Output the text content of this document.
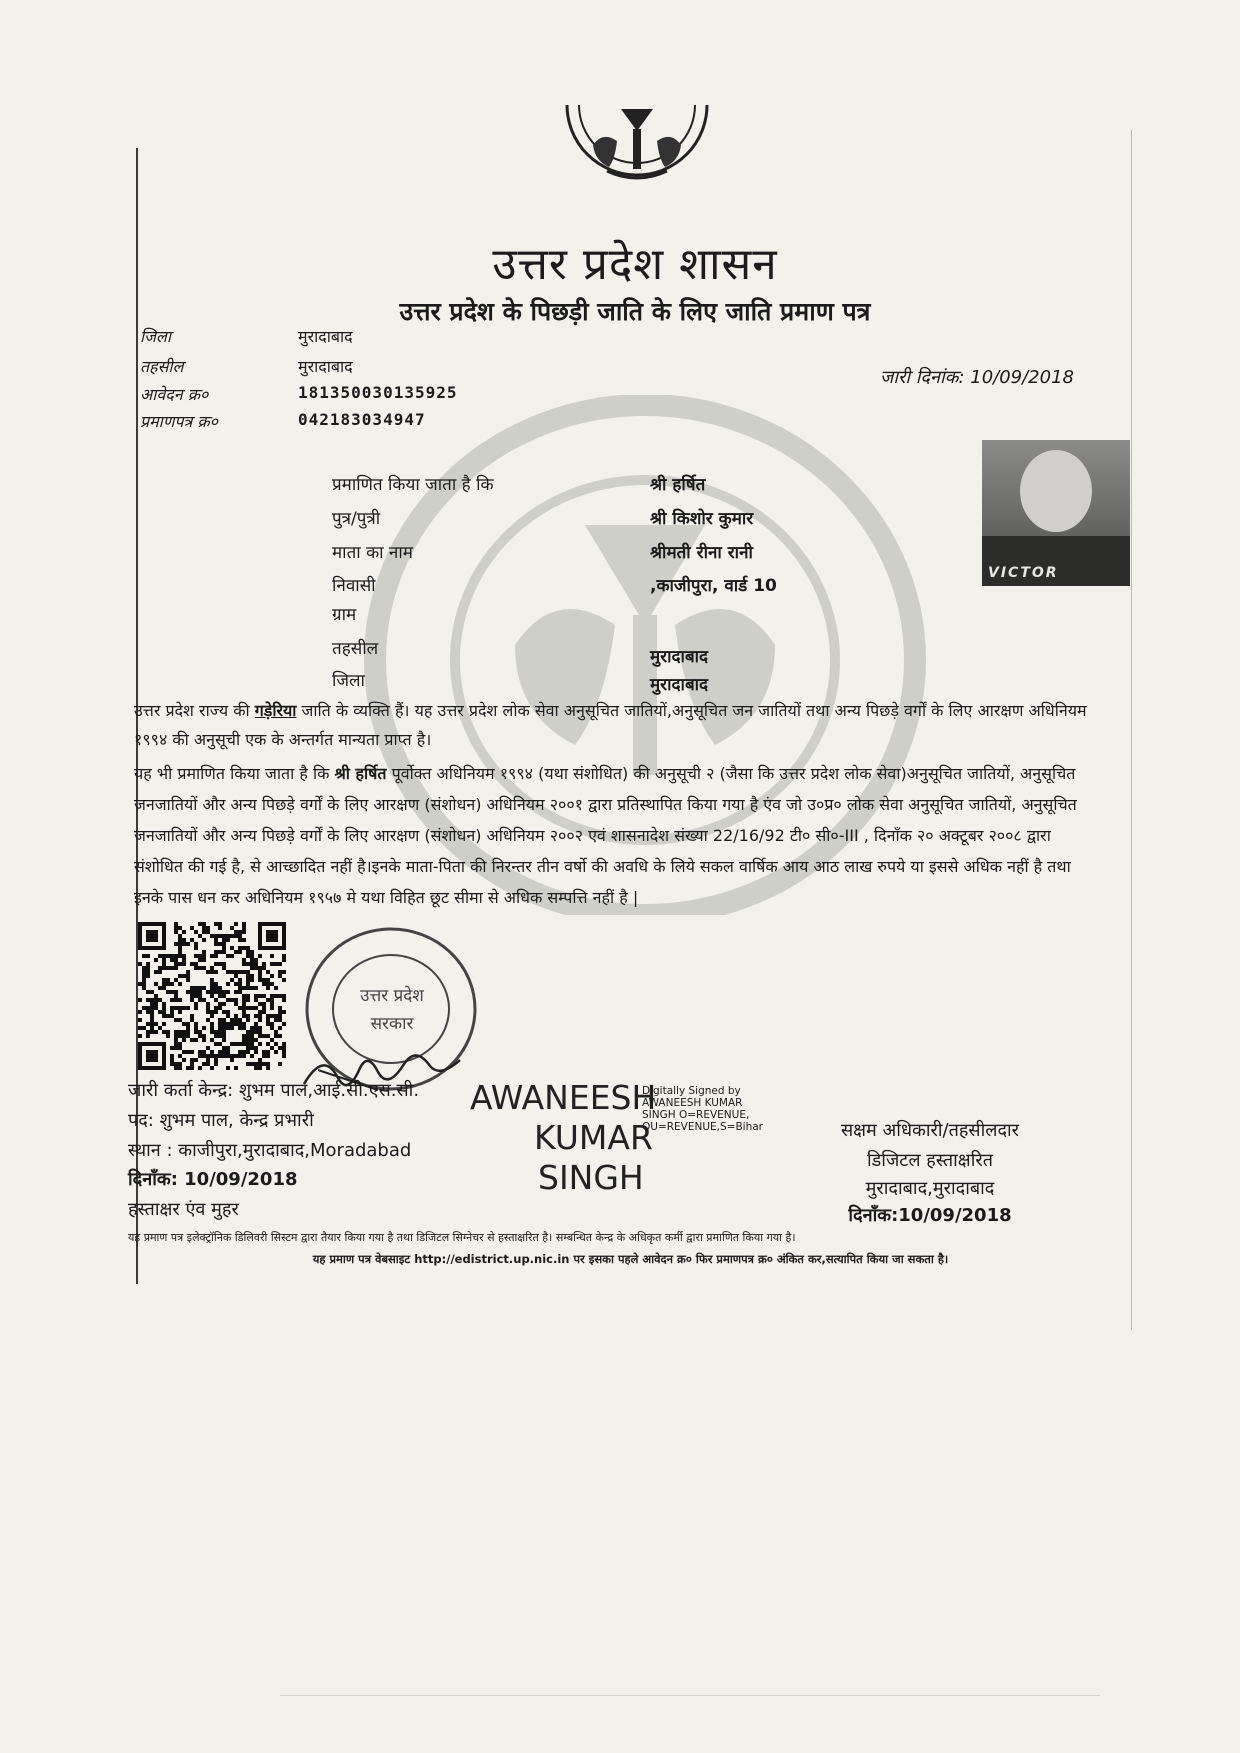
उत्तर प्रदेश शासन
उत्तर प्रदेश के पिछड़ी जाति के लिए जाति प्रमाण पत्र
जिला	मुरादाबाद
तहसील	मुरादाबाद
आवेदन क्र०	181350030135925
प्रमाणपत्र क्र०	042183034947
जारी दिनांक: 10/09/2018
VICTOR
प्रमाणित किया जाता है कि	श्री हर्षित
पुत्र/पुत्री	श्री किशोर कुमार
माता का नाम	श्रीमती रीना रानी
निवासी	,काजीपुरा, वार्ड 10
ग्राम
तहसील	मुरादाबाद
जिला	मुरादाबाद
उत्तर प्रदेश राज्य की गड़ेरिया जाति के व्यक्ति हैं। यह उत्तर प्रदेश लोक सेवा अनुसूचित जातियों,अनुसूचित जन जातियों तथा अन्य पिछड़े वर्गों के लिए आरक्षण अधिनियम १९९४ की अनुसूची एक के अन्तर्गत मान्यता प्राप्त है।
यह भी प्रमाणित किया जाता है कि श्री हर्षित पूर्वोक्त अधिनियम १९९४ (यथा संशोधित) की अनुसूची २ (जैसा कि उत्तर प्रदेश लोक सेवा)अनुसूचित जातियों, अनुसूचित जनजातियों और अन्य पिछड़े वर्गों के लिए आरक्षण (संशोधन) अधिनियम २००१ द्वारा प्रतिस्थापित किया गया है एंव जो उ०प्र० लोक सेवा अनुसूचित जातियों, अनुसूचित जनजातियों और अन्य पिछड़े वर्गों के लिए आरक्षण (संशोधन) अधिनियम २००२ एवं शासनादेश संख्या 22/16/92 टी० सी०-III , दिनाँक २० अक्टूबर २००८ द्वारा संशोधित की गई है, से आच्छादित नहीं है।इनके माता-पिता की निरन्तर तीन वर्षो की अवधि के लिये सकल वार्षिक आय आठ लाख रुपये या इससे अधिक नहीं है तथा इनके पास धन कर अधिनियम १९५७ मे यथा विहित छूट सीमा से अधिक सम्पत्ति नहीं है |
उत्तर प्रदेश सरकार
जारी कर्ता केन्द्र: शुभम पाल,आई.सी.एस.सी.
पद: शुभम पाल, केन्द्र प्रभारी
स्थान : काजीपुरा,मुरादाबाद,Moradabad
दिनाँक: 10/09/2018
हस्ताक्षर एंव मुहर
AWANEESH
KUMAR
SINGH
Digitally Signed by
AWANEESH KUMAR
SINGH O=REVENUE,
OU=REVENUE,S=Bihar	सक्षम अधिकारी/तहसीलदार
डिजिटल हस्ताक्षरित
मुरादाबाद,मुरादाबाद
दिनाँक:10/09/2018
यह प्रमाण पत्र इलेक्ट्रॉनिक डिलिवरी सिस्टम द्वारा तैयार किया गया है तथा डिजिटल सिग्नेचर से हस्ताक्षरित है। सम्बन्धित केन्द्र के अधिकृत कर्मी द्वारा प्रमाणित किया गया है।
यह प्रमाण पत्र वेबसाइट http://edistrict.up.nic.in पर इसका पहले आवेदन क्र० फिर प्रमाणपत्र क्र० अंकित कर,सत्यापित किया जा सकता है।
